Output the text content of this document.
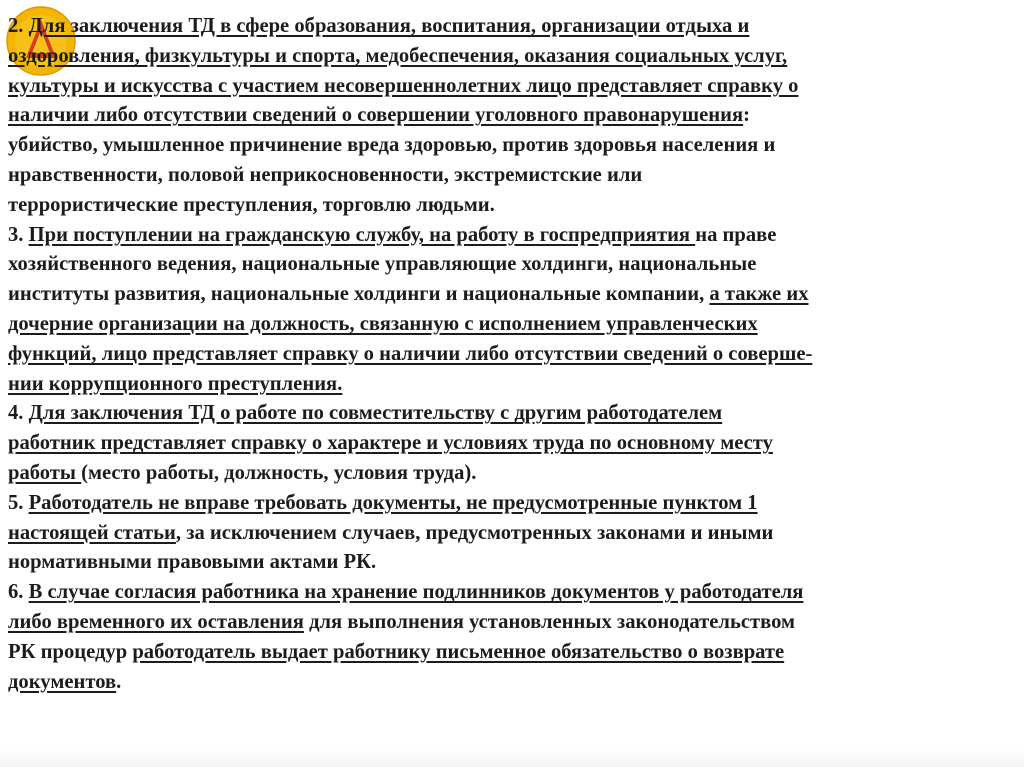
2. Для заключения ТД в сфере образования, воспитания, организации отдыха и
оздоровления, физкультуры и спорта, медобеспечения, оказания социальных услуг,
культуры и искусства с участием несовершеннолетних лицо представляет справку о
наличии либо отсутствии сведений о совершении уголовного правонарушения:
убийство, умышленное причинение вреда здоровью, против здоровья населения и
нравственности, половой неприкосновенности, экстремистские или
террористические преступления, торговлю людьми.
3. При поступлении на гражданскую службу, на работу в госпредприятия на праве
хозяйственного ведения, национальные управляющие холдинги, национальные
институты развития, национальные холдинги и национальные компании, а также их
дочерние организации на должность, связанную с исполнением управленческих
функций, лицо представляет справку о наличии либо отсутствии сведений о соверше-
нии коррупционного преступления.
4. Для заключения ТД о работе по совместительству с другим работодателем
работник представляет справку о характере и условиях труда по основному месту
работы (место работы, должность, условия труда).
5. Работодатель не вправе требовать документы, не предусмотренные пунктом 1
настоящей статьи, за исключением случаев, предусмотренных законами и иными
нормативными правовыми актами РК.
6. В случае согласия работника на хранение подлинников документов у работодателя
либо временного их оставления для выполнения установленных законодательством
РК процедур работодатель выдает работнику письменное обязательство о возврате
документов.
